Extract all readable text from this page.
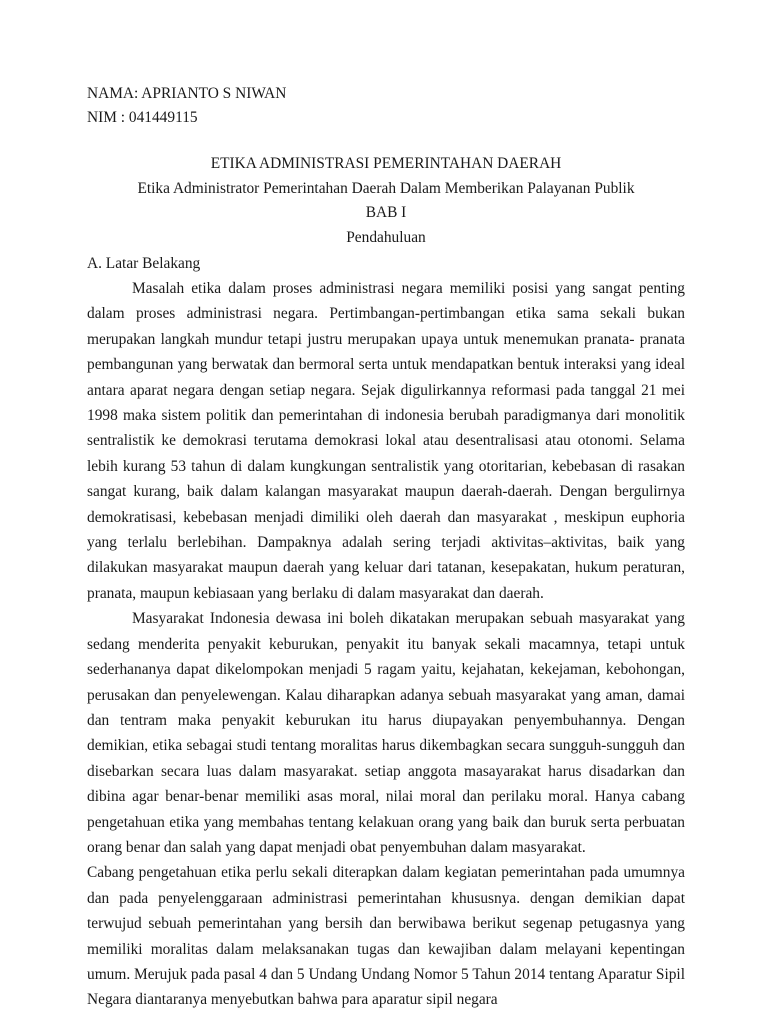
NAMA: APRIANTO S NIWAN

NIM : 041449115

ETIKA ADMINISTRASI PEMERINTAHAN DAERAH

Etika Administrator Pemerintahan Daerah Dalam Memberikan Palayanan Publik

BAB I

Pendahuluan

A. Latar Belakang

Masalah etika dalam proses administrasi negara memiliki posisi yang sangat penting dalam proses administrasi negara. Pertimbangan-pertimbangan etika sama sekali bukan merupakan langkah mundur tetapi justru merupakan upaya untuk menemukan pranata- pranata pembangunan yang berwatak dan bermoral serta untuk mendapatkan bentuk interaksi yang ideal antara aparat negara dengan setiap negara. Sejak digulirkannya reformasi pada tanggal 21 mei 1998 maka sistem politik dan pemerintahan di indonesia berubah paradigmanya dari monolitik sentralistik ke demokrasi terutama demokrasi lokal atau desentralisasi atau otonomi. Selama lebih kurang 53 tahun di dalam kungkungan sentralistik yang otoritarian, kebebasan di rasakan sangat kurang, baik dalam kalangan masyarakat maupun daerah-daerah. Dengan bergulirnya demokratisasi, kebebasan menjadi dimiliki oleh daerah dan masyarakat , meskipun euphoria yang terlalu berlebihan. Dampaknya adalah sering terjadi aktivitas–aktivitas, baik yang dilakukan masyarakat maupun daerah yang keluar dari tatanan, kesepakatan, hukum peraturan, pranata, maupun kebiasaan yang berlaku di dalam masyarakat dan daerah.

Masyarakat Indonesia dewasa ini boleh dikatakan merupakan sebuah masyarakat yang sedang menderita penyakit keburukan, penyakit itu banyak sekali macamnya, tetapi untuk sederhananya dapat dikelompokan menjadi 5 ragam yaitu, kejahatan, kekejaman, kebohongan, perusakan dan penyelewengan. Kalau diharapkan adanya sebuah masyarakat yang aman, damai dan tentram maka penyakit keburukan itu harus diupayakan penyembuhannya. Dengan demikian, etika sebagai studi tentang moralitas harus dikembagkan secara sungguh-sungguh dan disebarkan secara luas dalam masyarakat. setiap anggota masayarakat harus disadarkan dan dibina agar benar-benar memiliki asas moral, nilai moral dan perilaku moral. Hanya cabang pengetahuan etika yang membahas tentang kelakuan orang yang baik dan buruk serta perbuatan orang benar dan salah yang dapat menjadi obat penyembuhan dalam masyarakat.

Cabang pengetahuan etika perlu sekali diterapkan dalam kegiatan pemerintahan pada umumnya dan pada penyelenggaraan administrasi pemerintahan khususnya. dengan demikian dapat terwujud sebuah pemerintahan yang bersih dan berwibawa berikut segenap petugasnya yang memiliki moralitas dalam melaksanakan tugas dan kewajiban dalam melayani kepentingan umum. Merujuk pada pasal 4 dan 5 Undang Undang Nomor 5 Tahun 2014 tentang Aparatur Sipil Negara diantaranya menyebutkan bahwa para aparatur sipil negara
